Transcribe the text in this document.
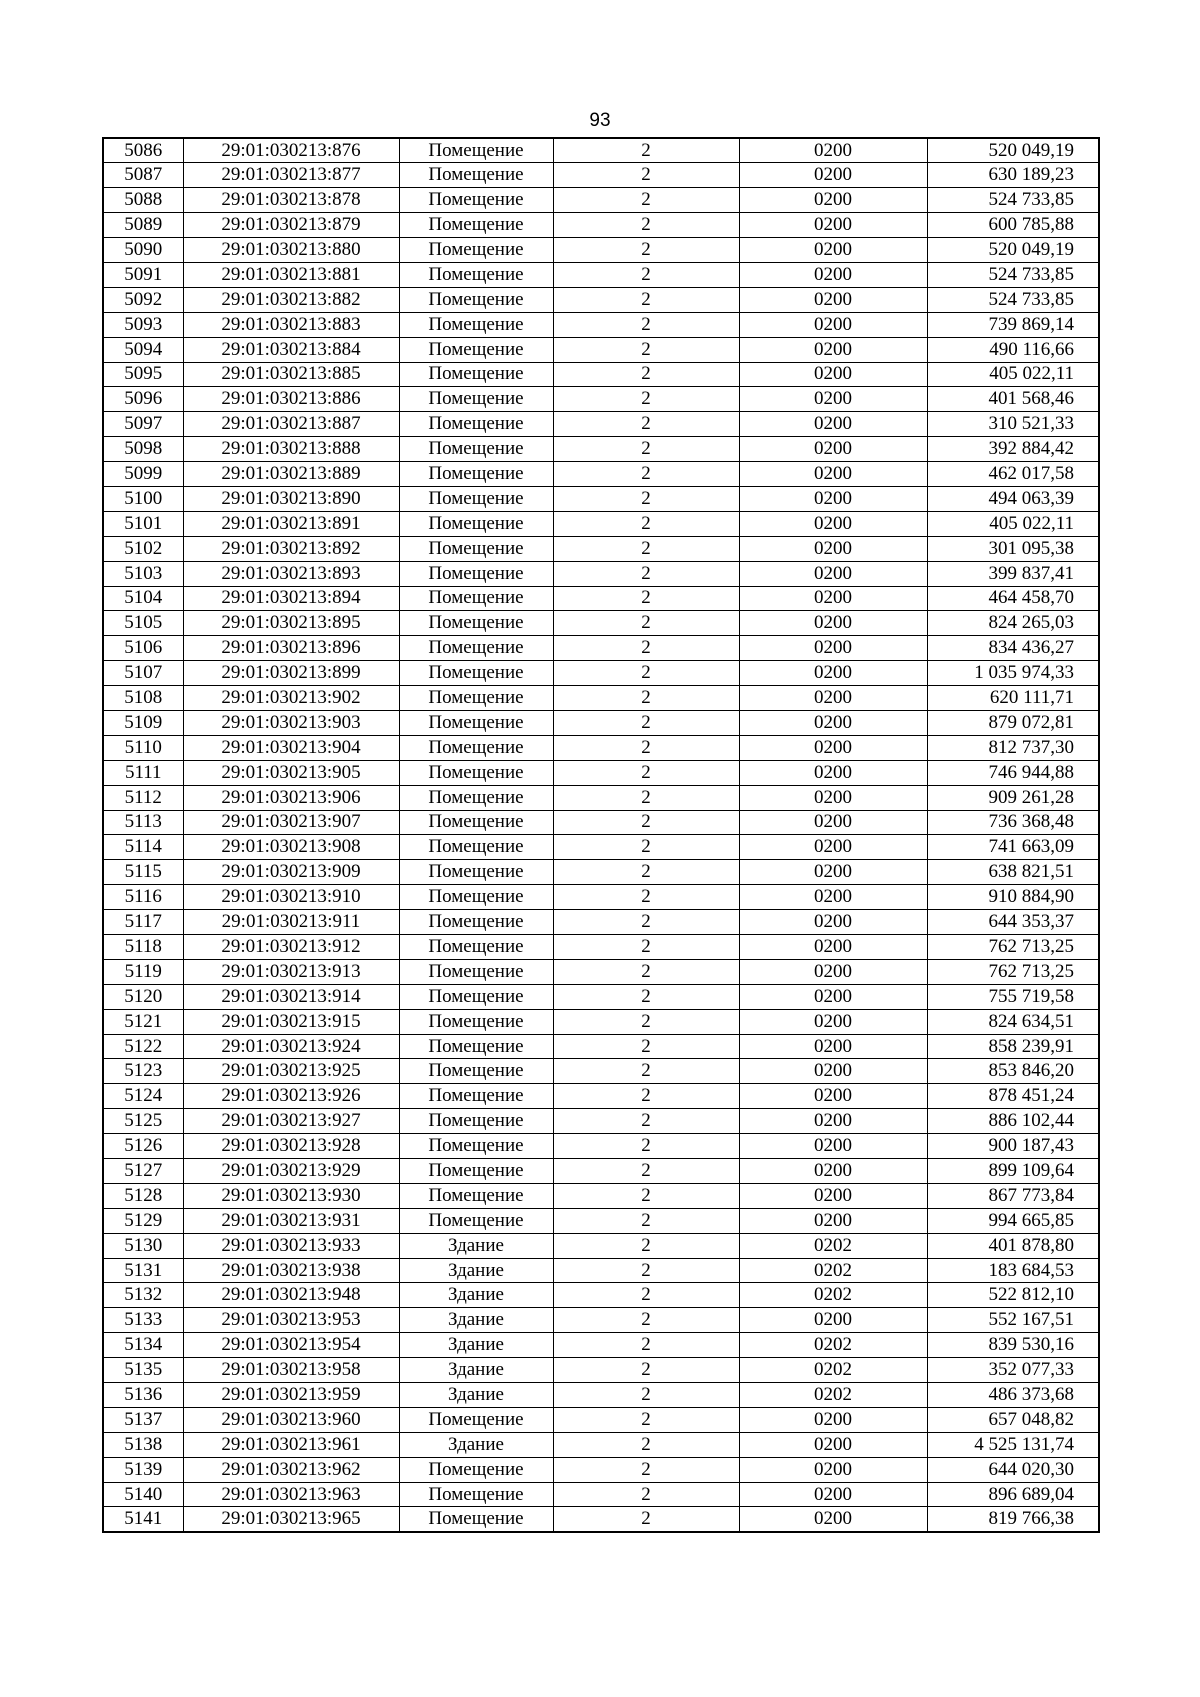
93
5086	29:01:030213:876	Помещение	2	0200	520 049,19
5087	29:01:030213:877	Помещение	2	0200	630 189,23
5088	29:01:030213:878	Помещение	2	0200	524 733,85
5089	29:01:030213:879	Помещение	2	0200	600 785,88
5090	29:01:030213:880	Помещение	2	0200	520 049,19
5091	29:01:030213:881	Помещение	2	0200	524 733,85
5092	29:01:030213:882	Помещение	2	0200	524 733,85
5093	29:01:030213:883	Помещение	2	0200	739 869,14
5094	29:01:030213:884	Помещение	2	0200	490 116,66
5095	29:01:030213:885	Помещение	2	0200	405 022,11
5096	29:01:030213:886	Помещение	2	0200	401 568,46
5097	29:01:030213:887	Помещение	2	0200	310 521,33
5098	29:01:030213:888	Помещение	2	0200	392 884,42
5099	29:01:030213:889	Помещение	2	0200	462 017,58
5100	29:01:030213:890	Помещение	2	0200	494 063,39
5101	29:01:030213:891	Помещение	2	0200	405 022,11
5102	29:01:030213:892	Помещение	2	0200	301 095,38
5103	29:01:030213:893	Помещение	2	0200	399 837,41
5104	29:01:030213:894	Помещение	2	0200	464 458,70
5105	29:01:030213:895	Помещение	2	0200	824 265,03
5106	29:01:030213:896	Помещение	2	0200	834 436,27
5107	29:01:030213:899	Помещение	2	0200	1 035 974,33
5108	29:01:030213:902	Помещение	2	0200	620 111,71
5109	29:01:030213:903	Помещение	2	0200	879 072,81
5110	29:01:030213:904	Помещение	2	0200	812 737,30
5111	29:01:030213:905	Помещение	2	0200	746 944,88
5112	29:01:030213:906	Помещение	2	0200	909 261,28
5113	29:01:030213:907	Помещение	2	0200	736 368,48
5114	29:01:030213:908	Помещение	2	0200	741 663,09
5115	29:01:030213:909	Помещение	2	0200	638 821,51
5116	29:01:030213:910	Помещение	2	0200	910 884,90
5117	29:01:030213:911	Помещение	2	0200	644 353,37
5118	29:01:030213:912	Помещение	2	0200	762 713,25
5119	29:01:030213:913	Помещение	2	0200	762 713,25
5120	29:01:030213:914	Помещение	2	0200	755 719,58
5121	29:01:030213:915	Помещение	2	0200	824 634,51
5122	29:01:030213:924	Помещение	2	0200	858 239,91
5123	29:01:030213:925	Помещение	2	0200	853 846,20
5124	29:01:030213:926	Помещение	2	0200	878 451,24
5125	29:01:030213:927	Помещение	2	0200	886 102,44
5126	29:01:030213:928	Помещение	2	0200	900 187,43
5127	29:01:030213:929	Помещение	2	0200	899 109,64
5128	29:01:030213:930	Помещение	2	0200	867 773,84
5129	29:01:030213:931	Помещение	2	0200	994 665,85
5130	29:01:030213:933	Здание	2	0202	401 878,80
5131	29:01:030213:938	Здание	2	0202	183 684,53
5132	29:01:030213:948	Здание	2	0202	522 812,10
5133	29:01:030213:953	Здание	2	0200	552 167,51
5134	29:01:030213:954	Здание	2	0202	839 530,16
5135	29:01:030213:958	Здание	2	0202	352 077,33
5136	29:01:030213:959	Здание	2	0202	486 373,68
5137	29:01:030213:960	Помещение	2	0200	657 048,82
5138	29:01:030213:961	Здание	2	0200	4 525 131,74
5139	29:01:030213:962	Помещение	2	0200	644 020,30
5140	29:01:030213:963	Помещение	2	0200	896 689,04
5141	29:01:030213:965	Помещение	2	0200	819 766,38
